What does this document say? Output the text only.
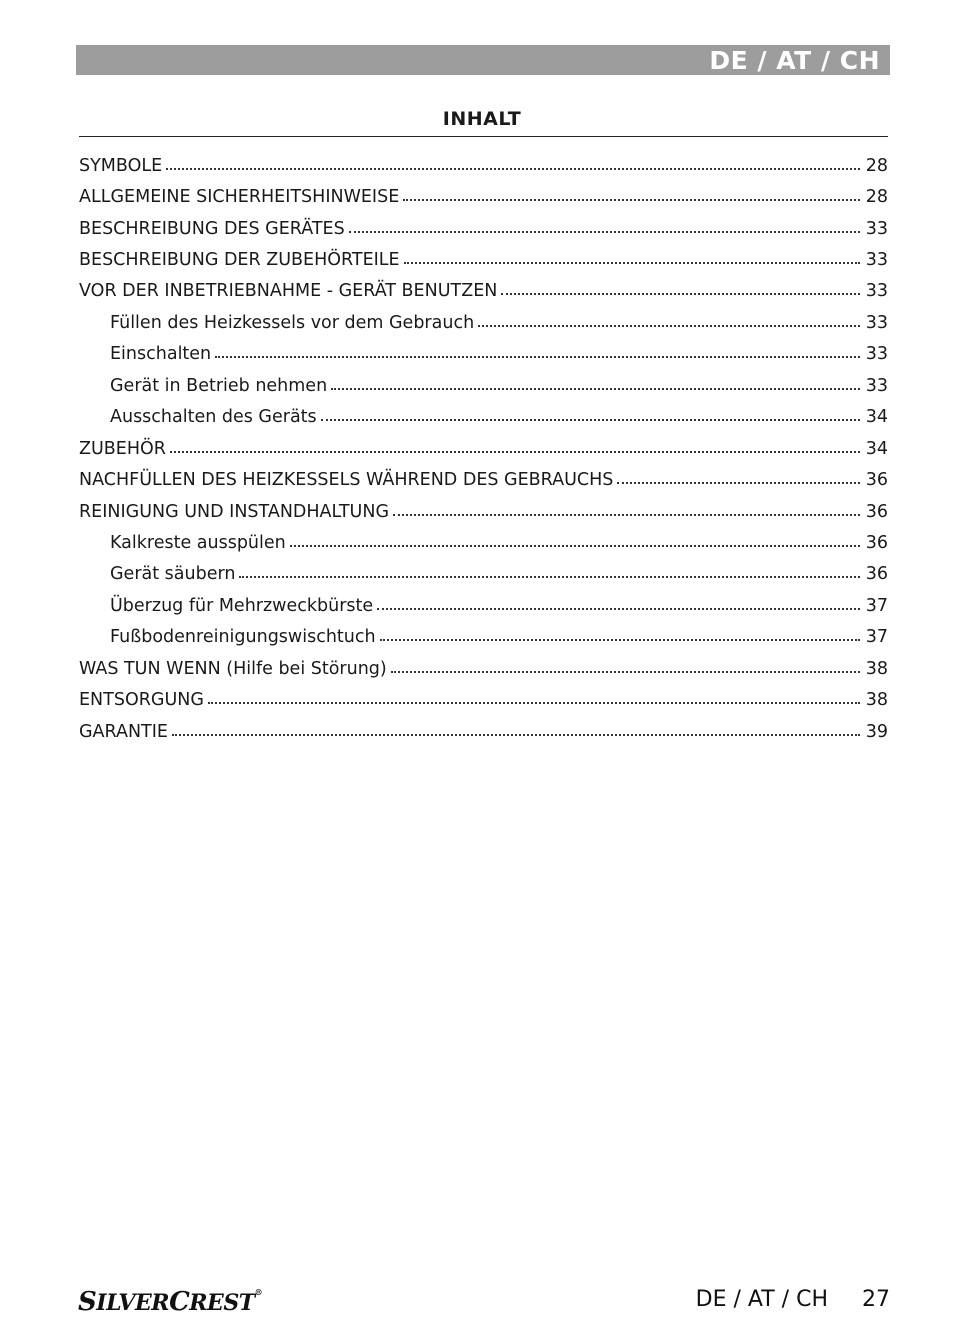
DE / AT / CH
INHALT
SYMBOLE	28
ALLGEMEINE SICHERHEITSHINWEISE	28
BESCHREIBUNG DES GERÄTES	33
BESCHREIBUNG DER ZUBEHÖRTEILE	33
VOR DER INBETRIEBNAHME - GERÄT BENUTZEN	33
Füllen des Heizkessels vor dem Gebrauch	33
Einschalten	33
Gerät in Betrieb nehmen	33
Ausschalten des Geräts	34
ZUBEHÖR	34
NACHFÜLLEN DES HEIZKESSELS WÄHREND DES GEBRAUCHS	36
REINIGUNG UND INSTANDHALTUNG	36
Kalkreste ausspülen	36
Gerät säubern	36
Überzug für Mehrzweckbürste	37
Fußbodenreinigungswischtuch	37
WAS TUN WENN (Hilfe bei Störung)	38
ENTSORGUNG	38
GARANTIE	39
SILVERCREST®	DE / AT / CH 27
